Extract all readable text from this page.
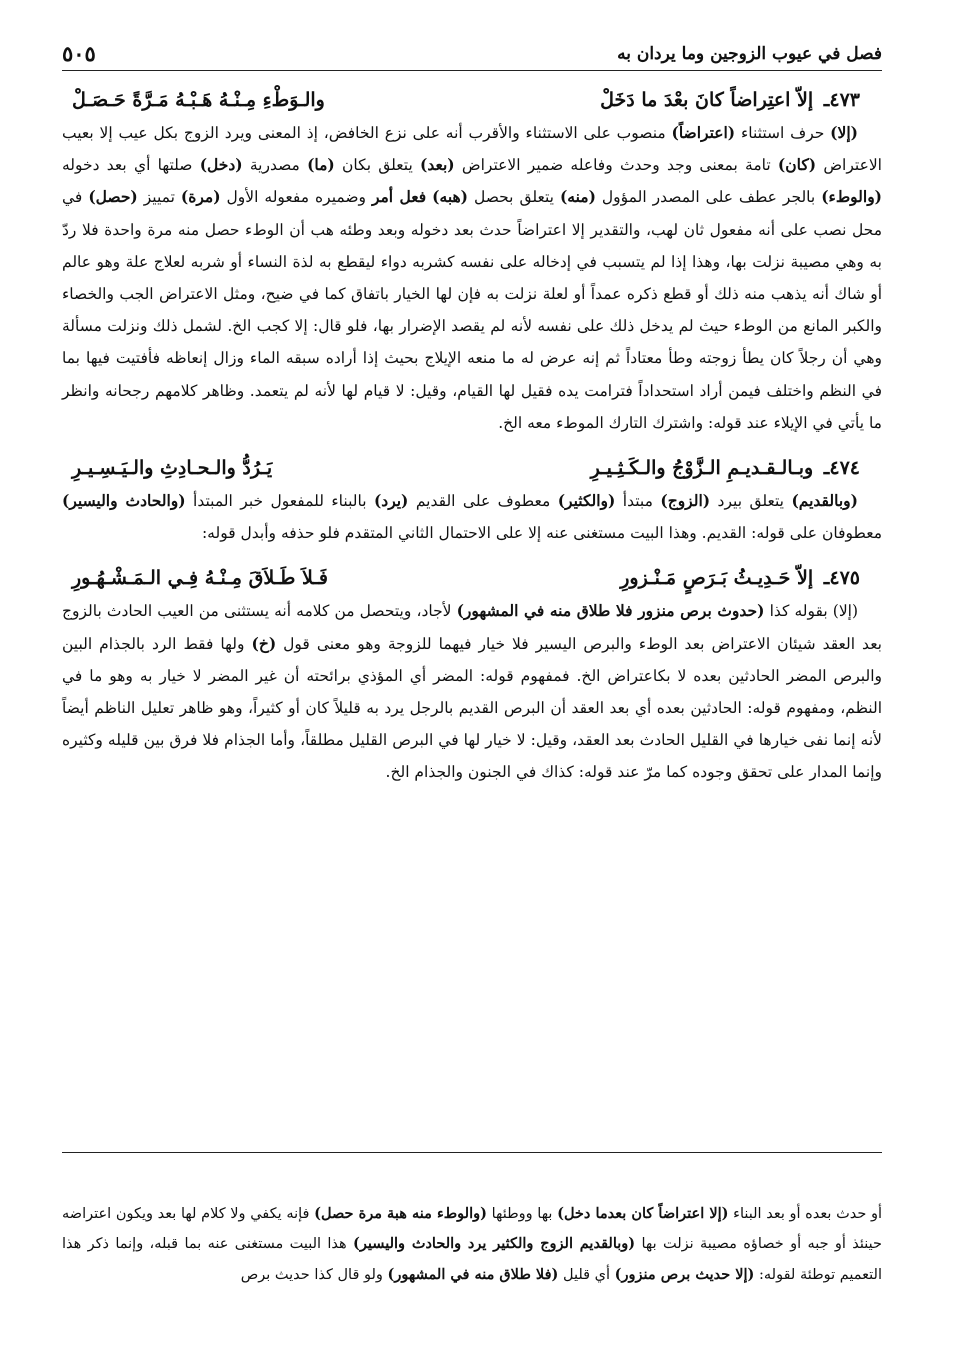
فصل في عيوب الزوجين وما يردان به
٥٠٥
٤٧٣ـ إلاّ اعتِراضاً كانَ بعْدَ ما دَخَلْ
والـوَطْءِ مِـنْـهُ هَـبْـهُ مَـرَّةً حَـصَـلْ

(إلا) حرف استثناء (اعتراضاً) منصوب على الاستثناء والأقرب أنه على نزع الخافض، إذ المعنى ويرد الزوج بكل عيب إلا بعيب الاعتراض (كان) تامة بمعنى وجد وحدث وفاعله ضمير الاعتراض (بعد) يتعلق بكان (ما) مصدرية (دخل) صلتها أي بعد دخوله (والوطء) بالجر عطف على المصدر المؤول (منه) يتعلق بحصل (هبه) فعل أمر وضميره مفعوله الأول (مرة) تمييز (حصل) في محل نصب على أنه مفعول ثان لهب، والتقدير إلا اعتراضاً حدث بعد دخوله وبعد وطئه هب أن الوطء حصل منه مرة واحدة فلا ردّ به وهي مصيبة نزلت بها، وهذا إذا لم يتسبب في إدخاله على نفسه كشربه دواء ليقطع به لذة النساء أو شربه لعلاج علة وهو عالم أو شاك أنه يذهب منه ذلك أو قطع ذكره عمداً أو لعلة نزلت به فإن لها الخيار باتفاق كما في ضيح، ومثل الاعتراض الجب والخصاء والكبر المانع من الوطء حيث لم يدخل ذلك على نفسه لأنه لم يقصد الإضرار بها، فلو قال: إلا كجب الخ. لشمل ذلك ونزلت مسألة وهي أن رجلاً كان يطأ زوجته وطأ معتاداً ثم إنه عرض له ما منعه الإيلاج بحيث إذا أراده سبقه الماء وزال إنعاظه فأفتيت فيها بما في النظم واختلف فيمن أراد استحداداً فترامت يده فقيل لها القيام، وقيل: لا قيام لها لأنه لم يتعمد. وظاهر كلامهم رجحانه وانظر ما يأتي في الإيلاء عند قوله: واشترك التارك الموطء معه الخ.

٤٧٤ـ وبـالـقـديـمِ الـزَّوْجُ والـكَـثِـيـرِ
يَـرُدُّ والـحـادِثِ والـيَـسِـيـرِ

(وبالقديم) يتعلق بيرد (الزوج) مبتدأ (والكثير) معطوف على القديم (يرد) بالبناء للمفعول خبر المبتدأ (والحادث واليسير) معطوفان على قوله: القديم. وهذا البيت مستغنى عنه إلا على الاحتمال الثاني المتقدم فلو حذفه وأبدل قوله:

٤٧٥ـ إلاّ حَـدِيـثُ بَـرَصٍ مَـنْـزورِ
فَـلاَ طَـلاَقَ مِـنْـهُ فِـي الـمَـشْـهُـورِ

(إلا) بقوله كذا (حدوث برص منزور فلا طلاق منه في المشهور) لأجاد، ويتحصل من كلامه أنه يستثنى من العيب الحادث بالزوج بعد العقد شيئان الاعتراض بعد الوطء والبرص اليسير فلا خيار فيهما للزوجة وهو معنى قول (خ) ولها فقط الرد بالجذام البين والبرص المضر الحادثين بعده لا بكاعتراض الخ. فمفهوم قوله: المضر أي المؤذي برائحته أن غير المضر لا خيار به وهو ما في النظم، ومفهوم قوله: الحادثين بعده أي بعد العقد أن البرص القديم بالرجل يرد به قليلاً كان أو كثيراً، وهو ظاهر تعليل الناظم أيضاً لأنه إنما نفى خيارها في القليل الحادث بعد العقد، وقيل: لا خيار لها في البرص القليل مطلقاً، وأما الجذام فلا فرق بين قليله وكثيره وإنما المدار على تحقق وجوده كما مرّ عند قوله: كذاك في الجنون والجذام الخ.

أو حدث بعده أو بعد البناء (إلا اعتراضاً كان بعدما دخل) بها ووطئها (والوطء منه هبة مرة حصل) فإنه يكفي ولا كلام لها بعد ويكون اعتراضه حينئذ أو جبه أو خصاؤه مصيبة نزلت بها (وبالقديم الزوج والكثير يرد والحادث واليسير) هذا البيت مستغنى عنه بما قبله، وإنما ذكر هذا التعميم توطئة لقوله: (إلا حديث برص منزور) أي قليل (فلا طلاق منه في المشهور) ولو قال كذا حديث برص
